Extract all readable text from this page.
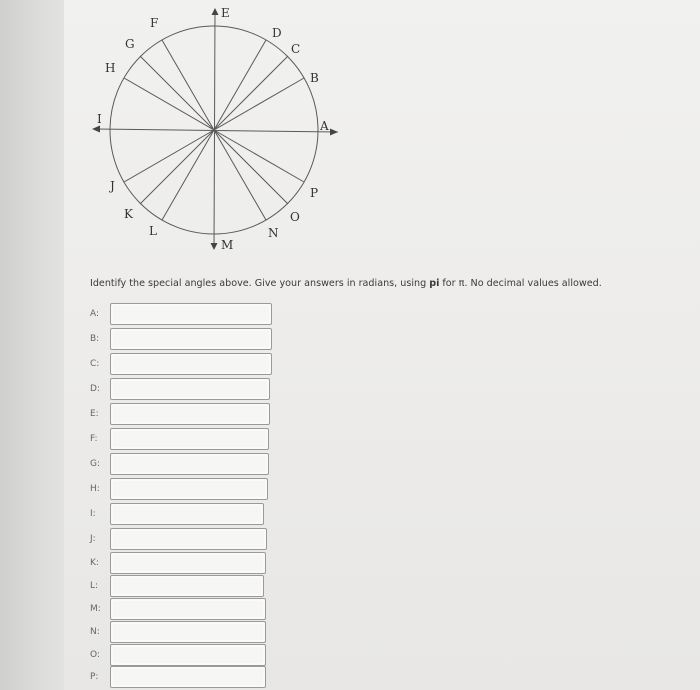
A
B
C
D
E
F
G
H
I
J
K
L
M
N
O
P
Identify the special angles above. Give your answers in radians, using pi for π. No decimal values allowed.
A:
B:
C:
D:
E:
F:
G:
H:
I:
J:
K:
L:
M:
N:
O:
P:
